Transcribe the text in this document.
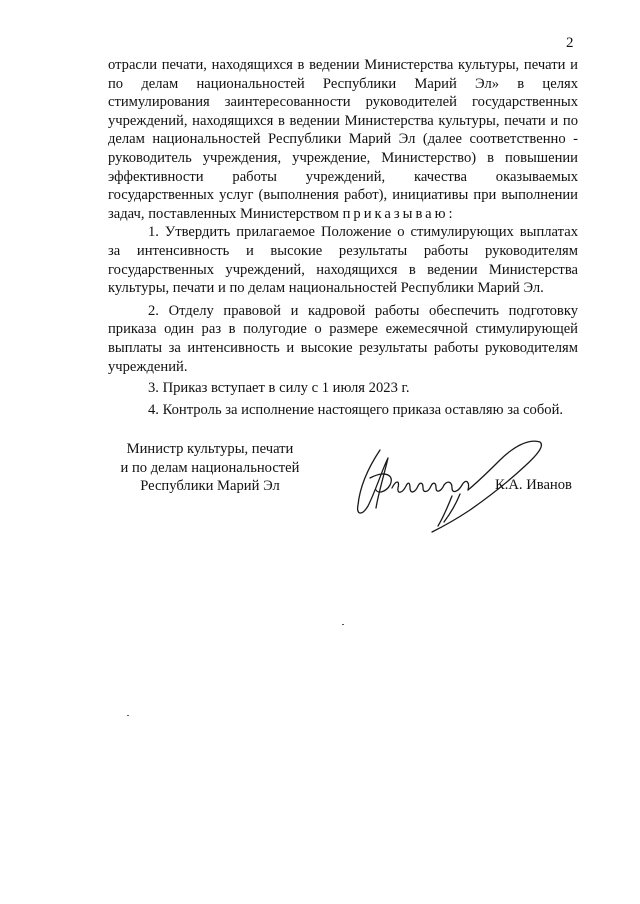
2

отрасли печати, находящихся в ведении Министерства культуры, печати и по делам национальностей Республики Марий Эл» в целях стимулирования заинтересованности руководителей государственных учреждений, находящихся в ведении Министерства культуры, печати и по делам национальностей Республики Марий Эл (далее соответственно - руководитель учреждения, учреждение, Министерство) в повышении эффективности работы учреждений, качества оказываемых государственных услуг (выполнения работ), инициативы при выполнении задач, поставленных Министерством приказываю:

1. Утвердить прилагаемое Положение о стимулирующих выплатах за интенсивность и высокие результаты работы руководителям государственных учреждений, находящихся в ведении Министерства культуры, печати и по делам национальностей Республики Марий Эл.

2. Отделу правовой и кадровой работы обеспечить подготовку приказа один раз в полугодие о размере ежемесячной стимулирующей выплаты за интенсивность и высокие результаты работы руководителям учреждений.

3. Приказ вступает в силу с 1 июля 2023 г.

4. Контроль за исполнение настоящего приказа оставляю за собой.

Министр культуры, печати
и по делам национальностей
Республики Марий Эл	К.А. Иванов
